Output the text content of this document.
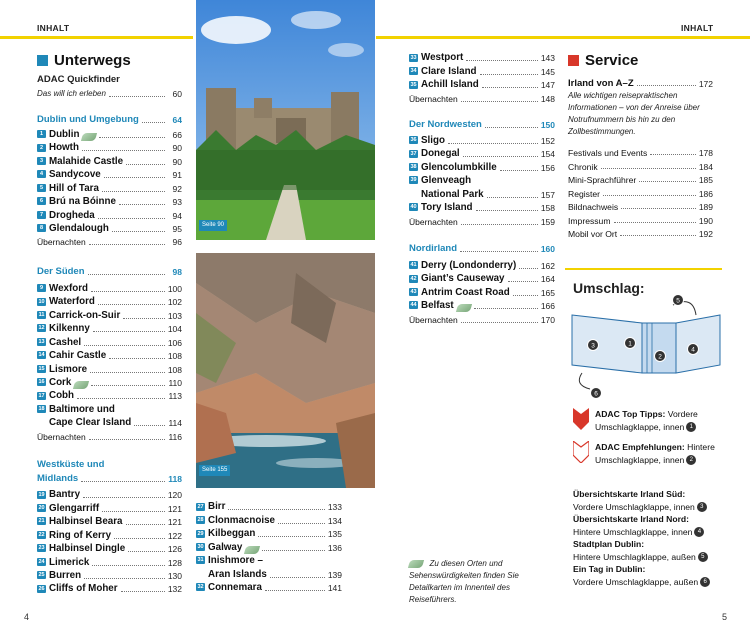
INHALT	INHALT
Unterwegs
ADAC Quickfinder
Das will ich erleben	60
Dublin und Umgebung	64
1 Dublin	66
2 Howth	90
3 Malahide Castle	90
4 Sandycove	91
5 Hill of Tara	92
6 Brú na Bóinne	93
7 Drogheda	94
8 Glendalough	95
Übernachten	96
Der Süden	98
9 Wexford	100
10 Waterford	102
11 Carrick-on-Suir	103
12 Kilkenny	104
13 Cashel	106
14 Cahir Castle	108
15 Lismore	108
16 Cork	110
17 Cobh	113
18 Baltimore und
Cape Clear Island	114
Übernachten	116
Westküste und
Midlands	118
19 Bantry	120
20 Glengarriff	121
21 Halbinsel Beara	121
22 Ring of Kerry	122
23 Halbinsel Dingle	126
24 Limerick	128
25 Burren	130
26 Cliffs of Moher	132
Seite 90
Seite 155
27 Birr	133
28 Clonmacnoise	134
29 Kilbeggan	135
30 Galway	136
31 Inishmore –
Aran Islands	139
32 Connemara	141
33 Westport	143
34 Clare Island	145
35 Achill Island	147
Übernachten	148
Der Nordwesten	150
36 Sligo	152
37 Donegal	154
38 Glencolumbkille	156
39 Glenveagh
National Park	157
40 Tory Island	158
Übernachten	159
Nordirland	160
41 Derry (Londonderry)	162
42 Giant’s Causeway	164
43 Antrim Coast Road	165
44 Belfast	166
Übernachten	170
Zu diesen Orten und Sehenswürdigkeiten finden Sie Detailkarten im Innenteil des Reiseführers.
Service
Irland von A–Z	172
Alle wichtigen reisepraktischen Informationen – von der Anreise über Notrufnummern bis hin zu den Zollbestimmungen.
Festivals und Events	178
Chronik	184
Mini-Sprachführer	185
Register	186
Bildnachweis	189
Impressum	190
Mobil vor Ort	192
Umschlag:
1
2
3
4
5
6
ADAC Top Tipps: Vordere Umschlagklappe, innen 1
ADAC Empfehlungen: Hintere Umschlagklappe, innen 2
Übersichtskarte Irland Süd:
Vordere Umschlagklappe, innen 3
Übersichtskarte Irland Nord:
Hintere Umschlagklappe, innen 4
Stadtplan Dublin:
Hintere Umschlagklappe, außen 5
Ein Tag in Dublin:
Vordere Umschlagklappe, außen 6
4	5
